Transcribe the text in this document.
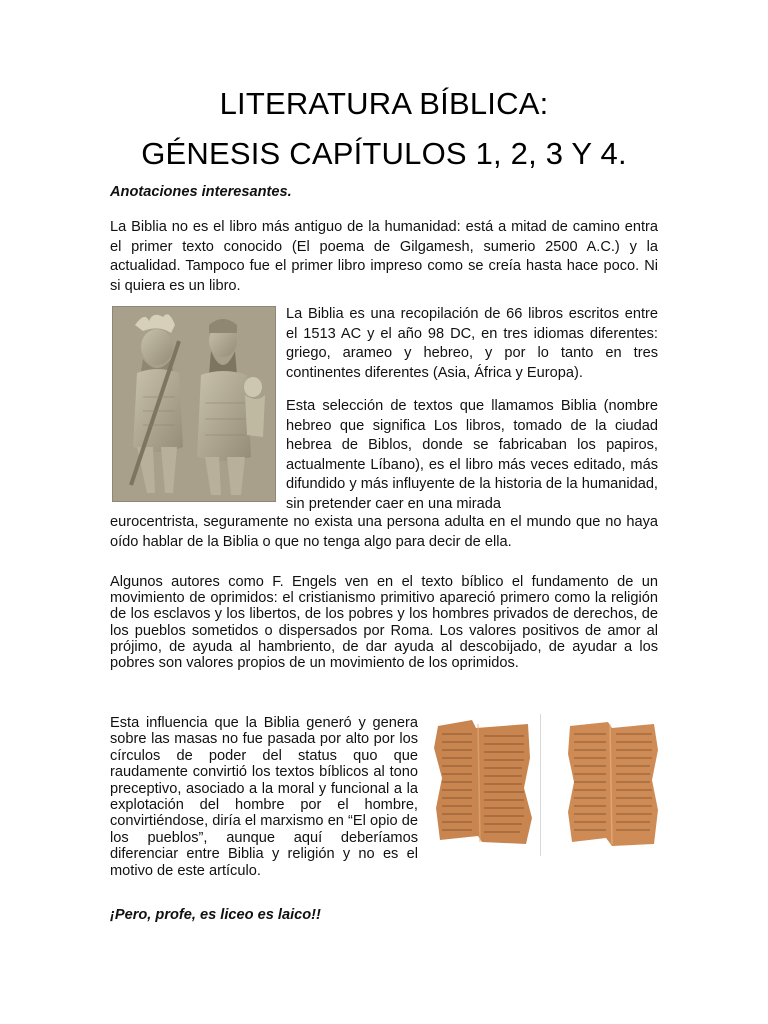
LITERATURA BÍBLICA:
GÉNESIS CAPÍTULOS 1, 2, 3 Y 4.

Anotaciones interesantes.

La Biblia no es el libro más antiguo de la humanidad: está a mitad de camino entra el primer texto conocido (El poema de Gilgamesh, sumerio 2500 A.C.) y la actualidad. Tampoco fue el primer libro impreso como se creía hasta hace poco. Ni si quiera es un libro.

La Biblia es una recopilación de 66 libros escritos entre el 1513 AC y el año 98 DC, en tres idiomas diferentes: griego, arameo y hebreo, y por lo tanto en tres continentes diferentes (Asia, África y Europa).

Esta selección de textos que llamamos Biblia (nombre hebreo que significa Los libros, tomado de la ciudad hebrea de Biblos, donde se fabricaban los papiros, actualmente Líbano), es el libro más veces editado, más difundido y más influyente de la historia de la humanidad, sin pretender caer en una mirada

eurocentrista, seguramente no exista una persona adulta en el mundo que no haya oído hablar de la Biblia o que no tenga algo para decir de ella.

Algunos autores como F. Engels ven en el texto bíblico el fundamento de un movimiento de oprimidos: el cristianismo primitivo apareció primero como la religión de los esclavos y los libertos, de los pobres y los hombres privados de derechos, de los pueblos sometidos o dispersados por Roma. Los valores positivos de amor al prójimo, de ayuda al hambriento, de dar ayuda al descobijado, de ayudar a los pobres son valores propios de un movimiento de los oprimidos.

Esta influencia que la Biblia generó y genera sobre las masas no fue pasada por alto por los círculos de poder del status quo que raudamente convirtió los textos bíblicos al tono preceptivo, asociado a la moral y funcional a la explotación del hombre por el hombre, convirtiéndose, diría el marxismo en “El opio de los pueblos”, aunque aquí deberíamos diferenciar entre Biblia y religión y no es el motivo de este artículo.

¡Pero, profe, es liceo es laico!!
